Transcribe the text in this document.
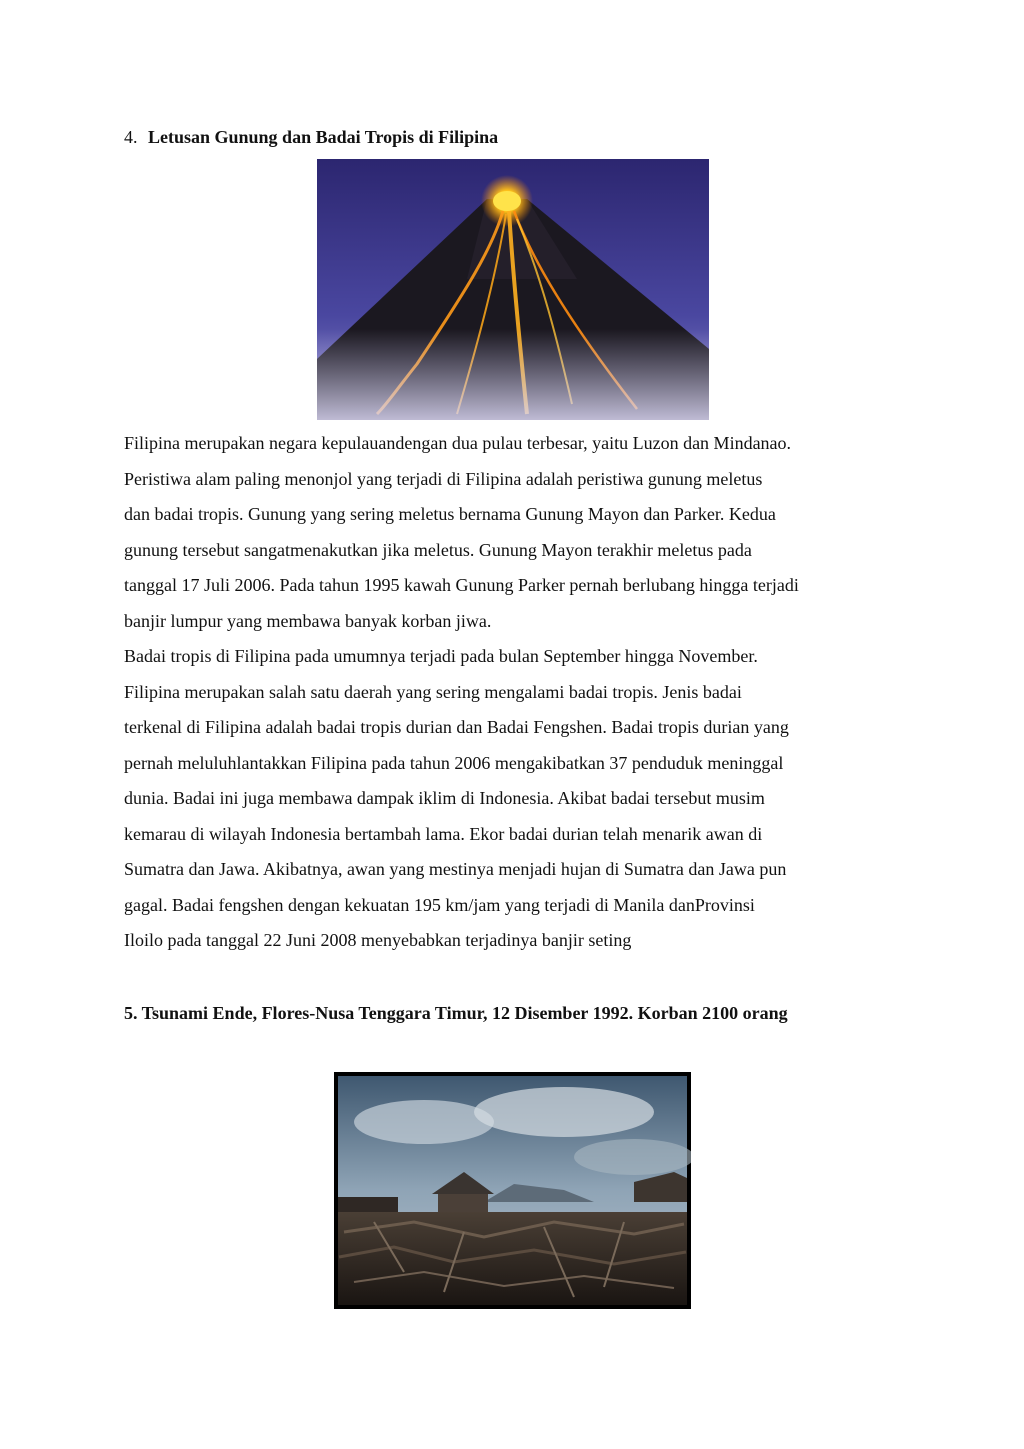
4. Letusan Gunung dan Badai Tropis di Filipina
Filipina merupakan negara kepulauandengan dua pulau terbesar, yaitu Luzon dan Mindanao.
Peristiwa alam paling menonjol yang terjadi di Filipina adalah peristiwa gunung meletus
dan badai tropis. Gunung yang sering meletus bernama Gunung Mayon dan Parker. Kedua
gunung tersebut sangatmenakutkan jika meletus. Gunung Mayon terakhir meletus pada
tanggal 17 Juli 2006. Pada tahun 1995 kawah Gunung Parker pernah berlubang hingga terjadi
banjir lumpur yang membawa banyak korban jiwa.
Badai tropis di Filipina pada umumnya terjadi pada bulan September hingga November.
Filipina merupakan salah satu daerah yang sering mengalami badai tropis. Jenis badai
terkenal di Filipina adalah badai tropis durian dan Badai Fengshen. Badai tropis durian yang
pernah meluluhlantakkan Filipina pada tahun 2006 mengakibatkan 37 penduduk meninggal
dunia. Badai ini juga membawa dampak iklim di Indonesia. Akibat badai tersebut musim
kemarau di wilayah Indonesia bertambah lama. Ekor badai durian telah menarik awan di
Sumatra dan Jawa. Akibatnya, awan yang mestinya menjadi hujan di Sumatra dan Jawa pun
gagal. Badai fengshen dengan kekuatan 195 km/jam yang terjadi di Manila danProvinsi
Iloilo pada tanggal 22 Juni 2008 menyebabkan terjadinya banjir seting
5. Tsunami Ende, Flores-Nusa Tenggara Timur, 12 Disember 1992. Korban 2100 orang
